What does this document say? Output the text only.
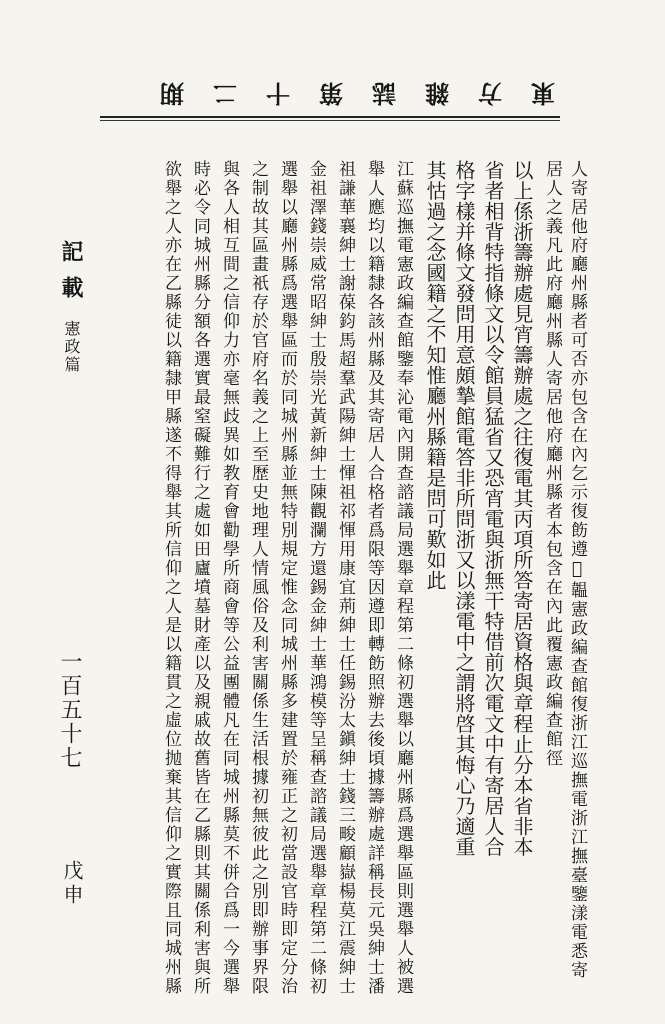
東
方
雜
誌
第
十
二
期
人寄居他府廳州縣者可否亦包含在內乞示復飭遵𥙆韞憲政編查館復浙江巡撫電浙江撫臺鑒漾電悉寄
居人之義凡此府廳州縣人寄居他府廳州縣者本包含在內此覆憲政編查館徑
以上係浙籌辦處見宵籌辦處之往復電其丙項所答寄居資格與章程止分本省非本
省者相背特指條文以令館員猛省又恐宵電與浙無干特借前次電文中有寄居人合
格字樣并條文發問用意頗摯館電答非所問浙又以漾電中之謂將啓其悔心乃適重
其怙過之念國籍之不知惟廳州縣籍是問可歎如此
江蘇巡撫電憲政編查館鑒奉沁電內開查諮議局選舉章程第二條初選舉以廳州縣爲選舉區則選舉人被選
舉人應均以籍隸各該州縣及其寄居人合格者爲限等因遵即轉飭照辦去後頃據籌辦處詳稱長元吳紳士潘
祖謙華襄紳士謝葆鈞馬超羣武陽紳士惲祖祁惲用康宜荊紳士任錫汾太鎭紳士錢三畯顧嶽楊莫江震紳士
金祖澤錢崇威常昭紳士殷崇光黃新紳士陳觀瀾方還錫金紳士華鴻模等呈稱查諮議局選舉章程第二條初
選舉以廳州縣爲選舉區而於同城州縣並無特別規定惟念同城州縣多建置於雍正之初當設官時即定分治
之制故其區畫祇存於官府名義之上至歷史地理人情風俗及利害關係生活根據初無彼此之別即辦事界限
與各人相互間之信仰力亦毫無歧異如教育會勸學所商會等公益團體凡在同城州縣莫不併合爲一今選舉
時必令同城州縣分額各選實最窒礙難行之處如田廬墳墓財產以及親戚故舊皆在乙縣則其關係利害與所
欲舉之人亦在乙縣徒以籍隸甲縣遂不得舉其所信仰之人是以籍貫之虛位抛棄其信仰之實際且同城州縣
記載
憲政篇
一百五十七
戊申
